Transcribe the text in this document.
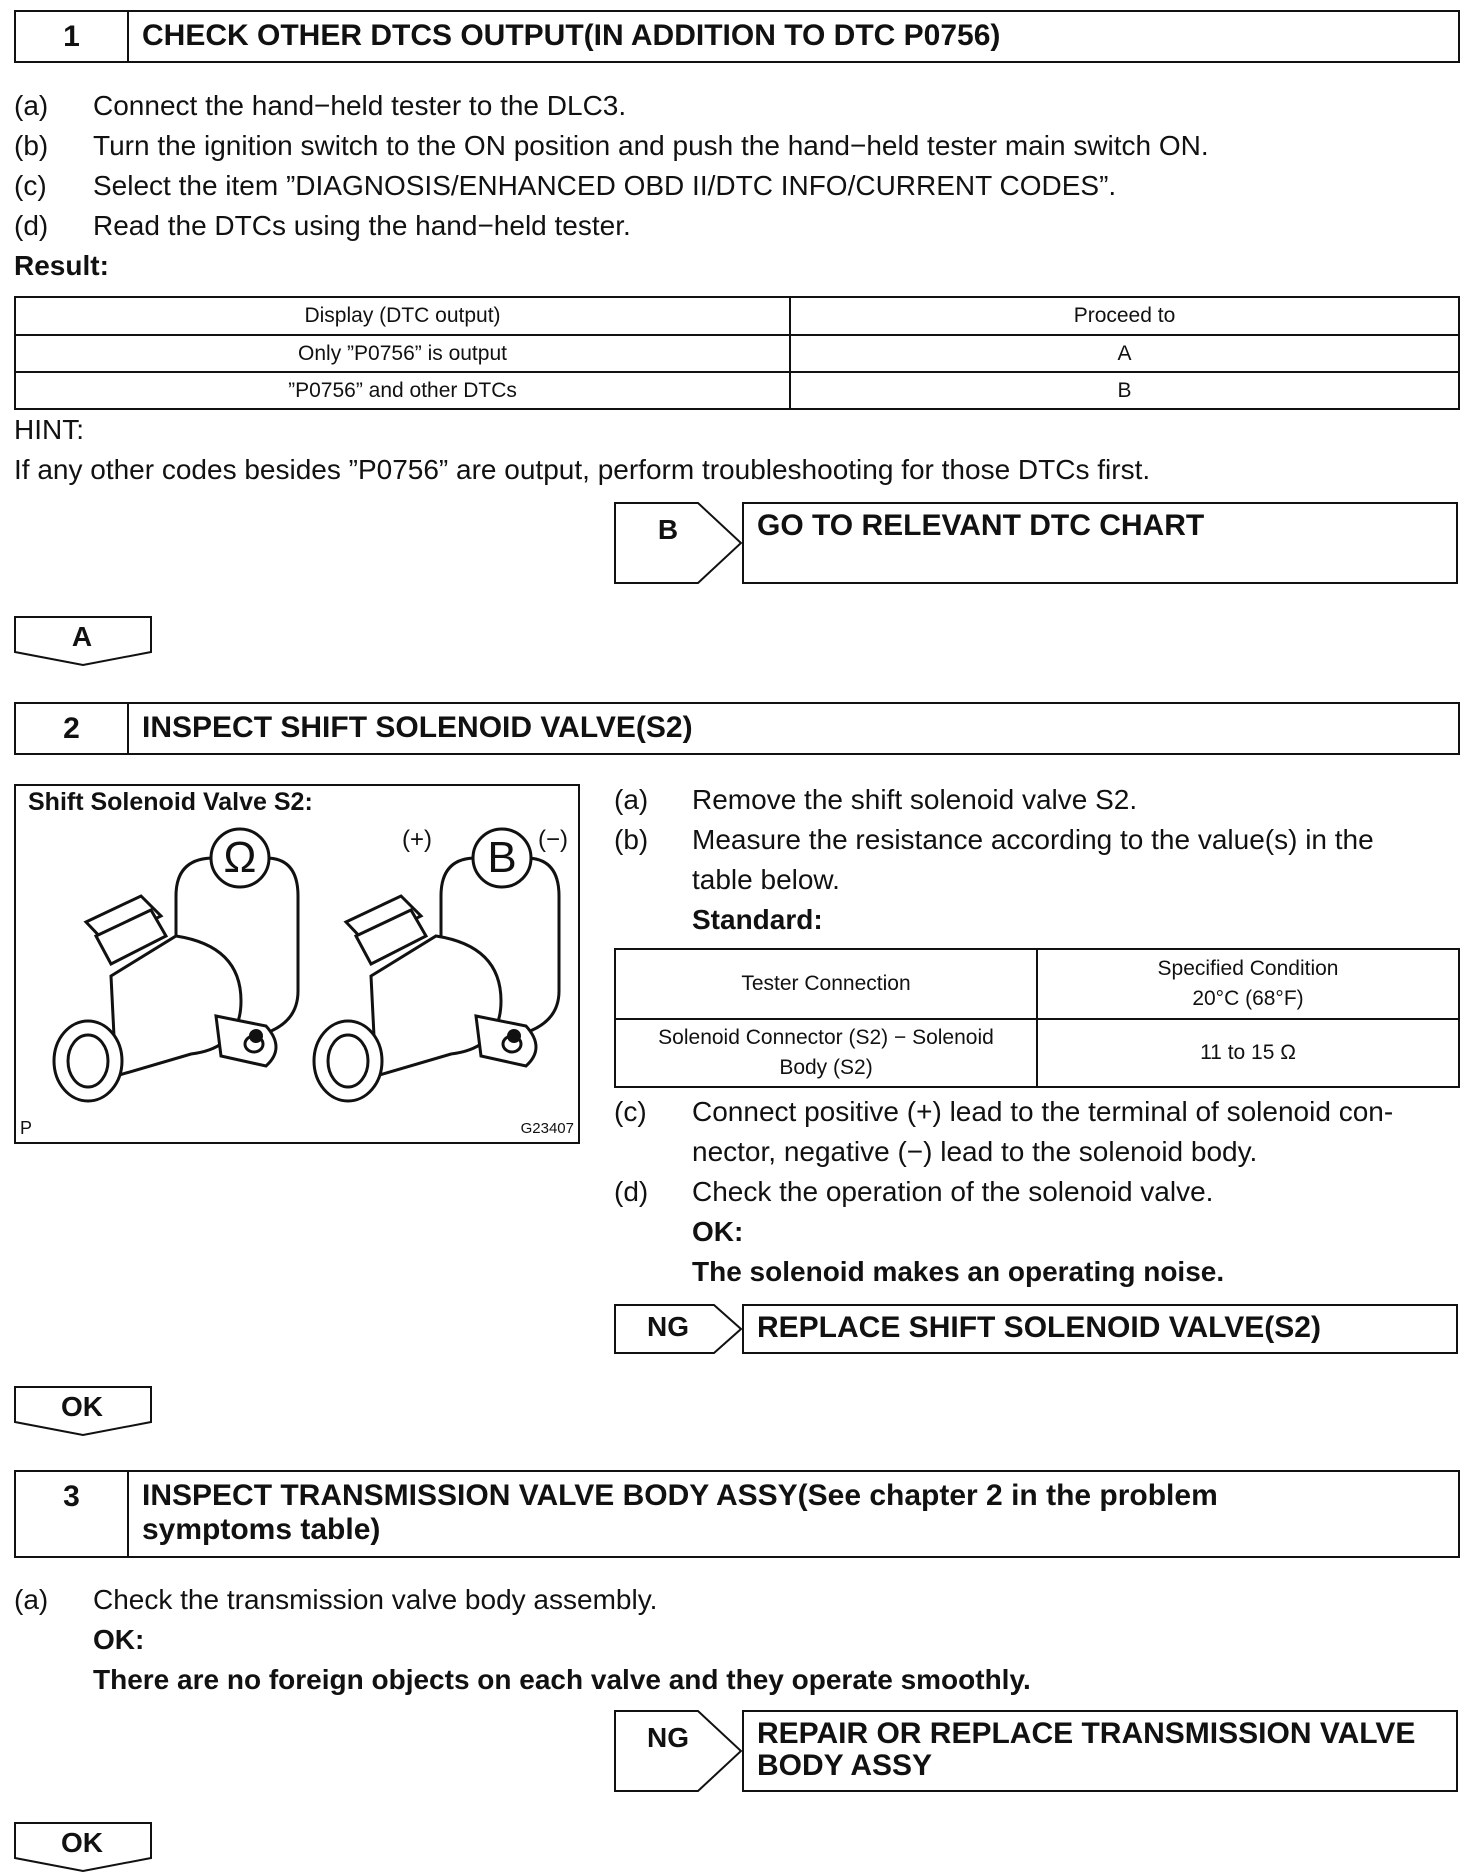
1	CHECK OTHER DTCS OUTPUT(IN ADDITION TO DTC P0756)
(a) Connect the hand−held tester to the DLC3.
(b) Turn the ignition switch to the ON position and push the hand−held tester main switch ON.
(c) Select the item ”DIAGNOSIS/ENHANCED OBD II/DTC INFO/CURRENT CODES”.
(d) Read the DTCs using the hand−held tester.
Result:
Display (DTC output)	Proceed to
Only ”P0756” is output	A
”P0756” and other DTCs	B
HINT:
If any other codes besides ”P0756” are output, perform troubleshooting for those DTCs first.
B	GO TO RELEVANT DTC CHART
A
2	INSPECT SHIFT SOLENOID VALVE(S2)
Shift Solenoid Valve S2:
Ω	B
(+)	(−)
P	G23407
(a) Remove the shift solenoid valve S2.
(b) Measure the resistance according to the value(s) in the
table below.
Standard:
Tester Connection	Specified Condition
20°C (68°F)

Solenoid Connector (S2) − Solenoid
Body (S2)	11 to 15 Ω
(c) Connect positive (+) lead to the terminal of solenoid con-
nector, negative (−) lead to the solenoid body.
(d) Check the operation of the solenoid valve.
OK:
The solenoid makes an operating noise.
NG	REPLACE SHIFT SOLENOID VALVE(S2)
OK
3	INSPECT TRANSMISSION VALVE BODY ASSY(See chapter 2 in the problem
symptoms table)
(a) Check the transmission valve body assembly.
OK:
There are no foreign objects on each valve and they operate smoothly.
NG	REPAIR OR REPLACE TRANSMISSION VALVE
BODY ASSY
OK
